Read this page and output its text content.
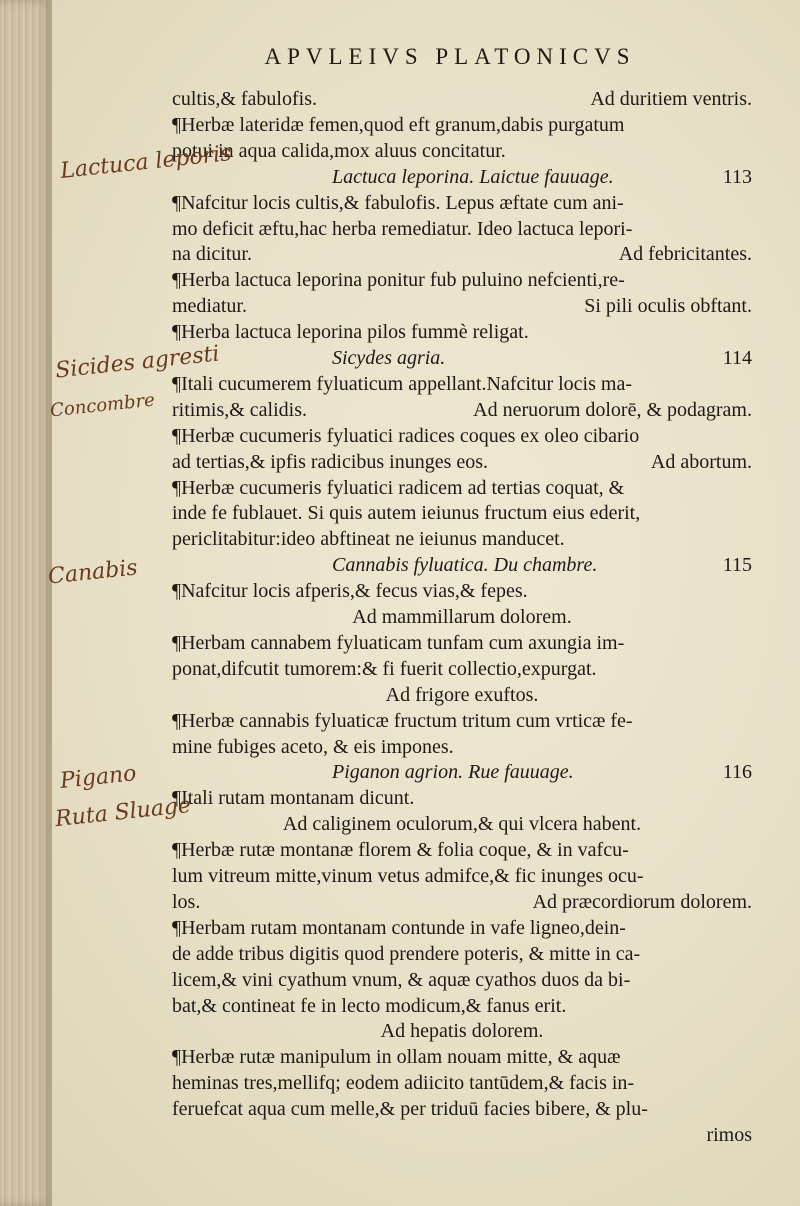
APVLEIVS PLATONICVS
cultis,& fabulofis.	Ad duritiem ventris.
¶Herbæ lateridæ femen,quod eft granum,dabis purgatum
potui in aqua calida,mox aluus concitatur.
Lactuca leporina. Laictue fauuage.	113
¶Nafcitur locis cultis,& fabulofis. Lepus æftate cum ani-
mo deficit æftu,hac herba remediatur. Ideo lactuca lepori-
na dicitur.	Ad febricitantes.
¶Herba lactuca leporina ponitur fub puluino nefcienti,re-
mediatur.	Si pili oculis obftant.
¶Herba lactuca leporina pilos fummè religat.
Sicydes agria.	114
¶Itali cucumerem fyluaticum appellant.Nafcitur locis ma-
ritimis,& calidis.	Ad neruorum dolorē, & podagram.
¶Herbæ cucumeris fyluatici radices coques ex oleo cibario
ad tertias,& ipfis radicibus inunges eos.	Ad abortum.
¶Herbæ cucumeris fyluatici radicem ad tertias coquat, &
inde fe fublauet. Si quis autem ieiunus fructum eius ederit,
periclitabitur:ideo abftineat ne ieiunus manducet.
Cannabis fyluatica. Du chambre.	115
¶Nafcitur locis afperis,& fecus vias,& fepes.
Ad mammillarum dolorem.
¶Herbam cannabem fyluaticam tunfam cum axungia im-
ponat,difcutit tumorem:& fi fuerit collectio,expurgat.
Ad frigore exuftos.
¶Herbæ cannabis fyluaticæ fructum tritum cum vrticæ fe-
mine fubiges aceto, & eis impones.
Piganon agrion. Rue fauuage.	116
¶Itali rutam montanam dicunt.
Ad caliginem oculorum,& qui vlcera habent.
¶Herbæ rutæ montanæ florem & folia coque, & in vafcu-
lum vitreum mitte,vinum vetus admifce,& fic inunges ocu-
los.	Ad præcordiorum dolorem.
¶Herbam rutam montanam contunde in vafe ligneo,dein-
de adde tribus digitis quod prendere poteris, & mitte in ca-
licem,& vini cyathum vnum, & aquæ cyathos duos da bi-
bat,& contineat fe in lecto modicum,& fanus erit.
Ad hepatis dolorem.
¶Herbæ rutæ manipulum in ollam nouam mitte, & aquæ
heminas tres,mellifq; eodem adiicito tantūdem,& facis in-
feruefcat aqua cum melle,& per triduū facies bibere, & plu-
rimos
Lactuca leporis
Sicides agresti
Concombre
Canabis
Pigano
Ruta Sluage
